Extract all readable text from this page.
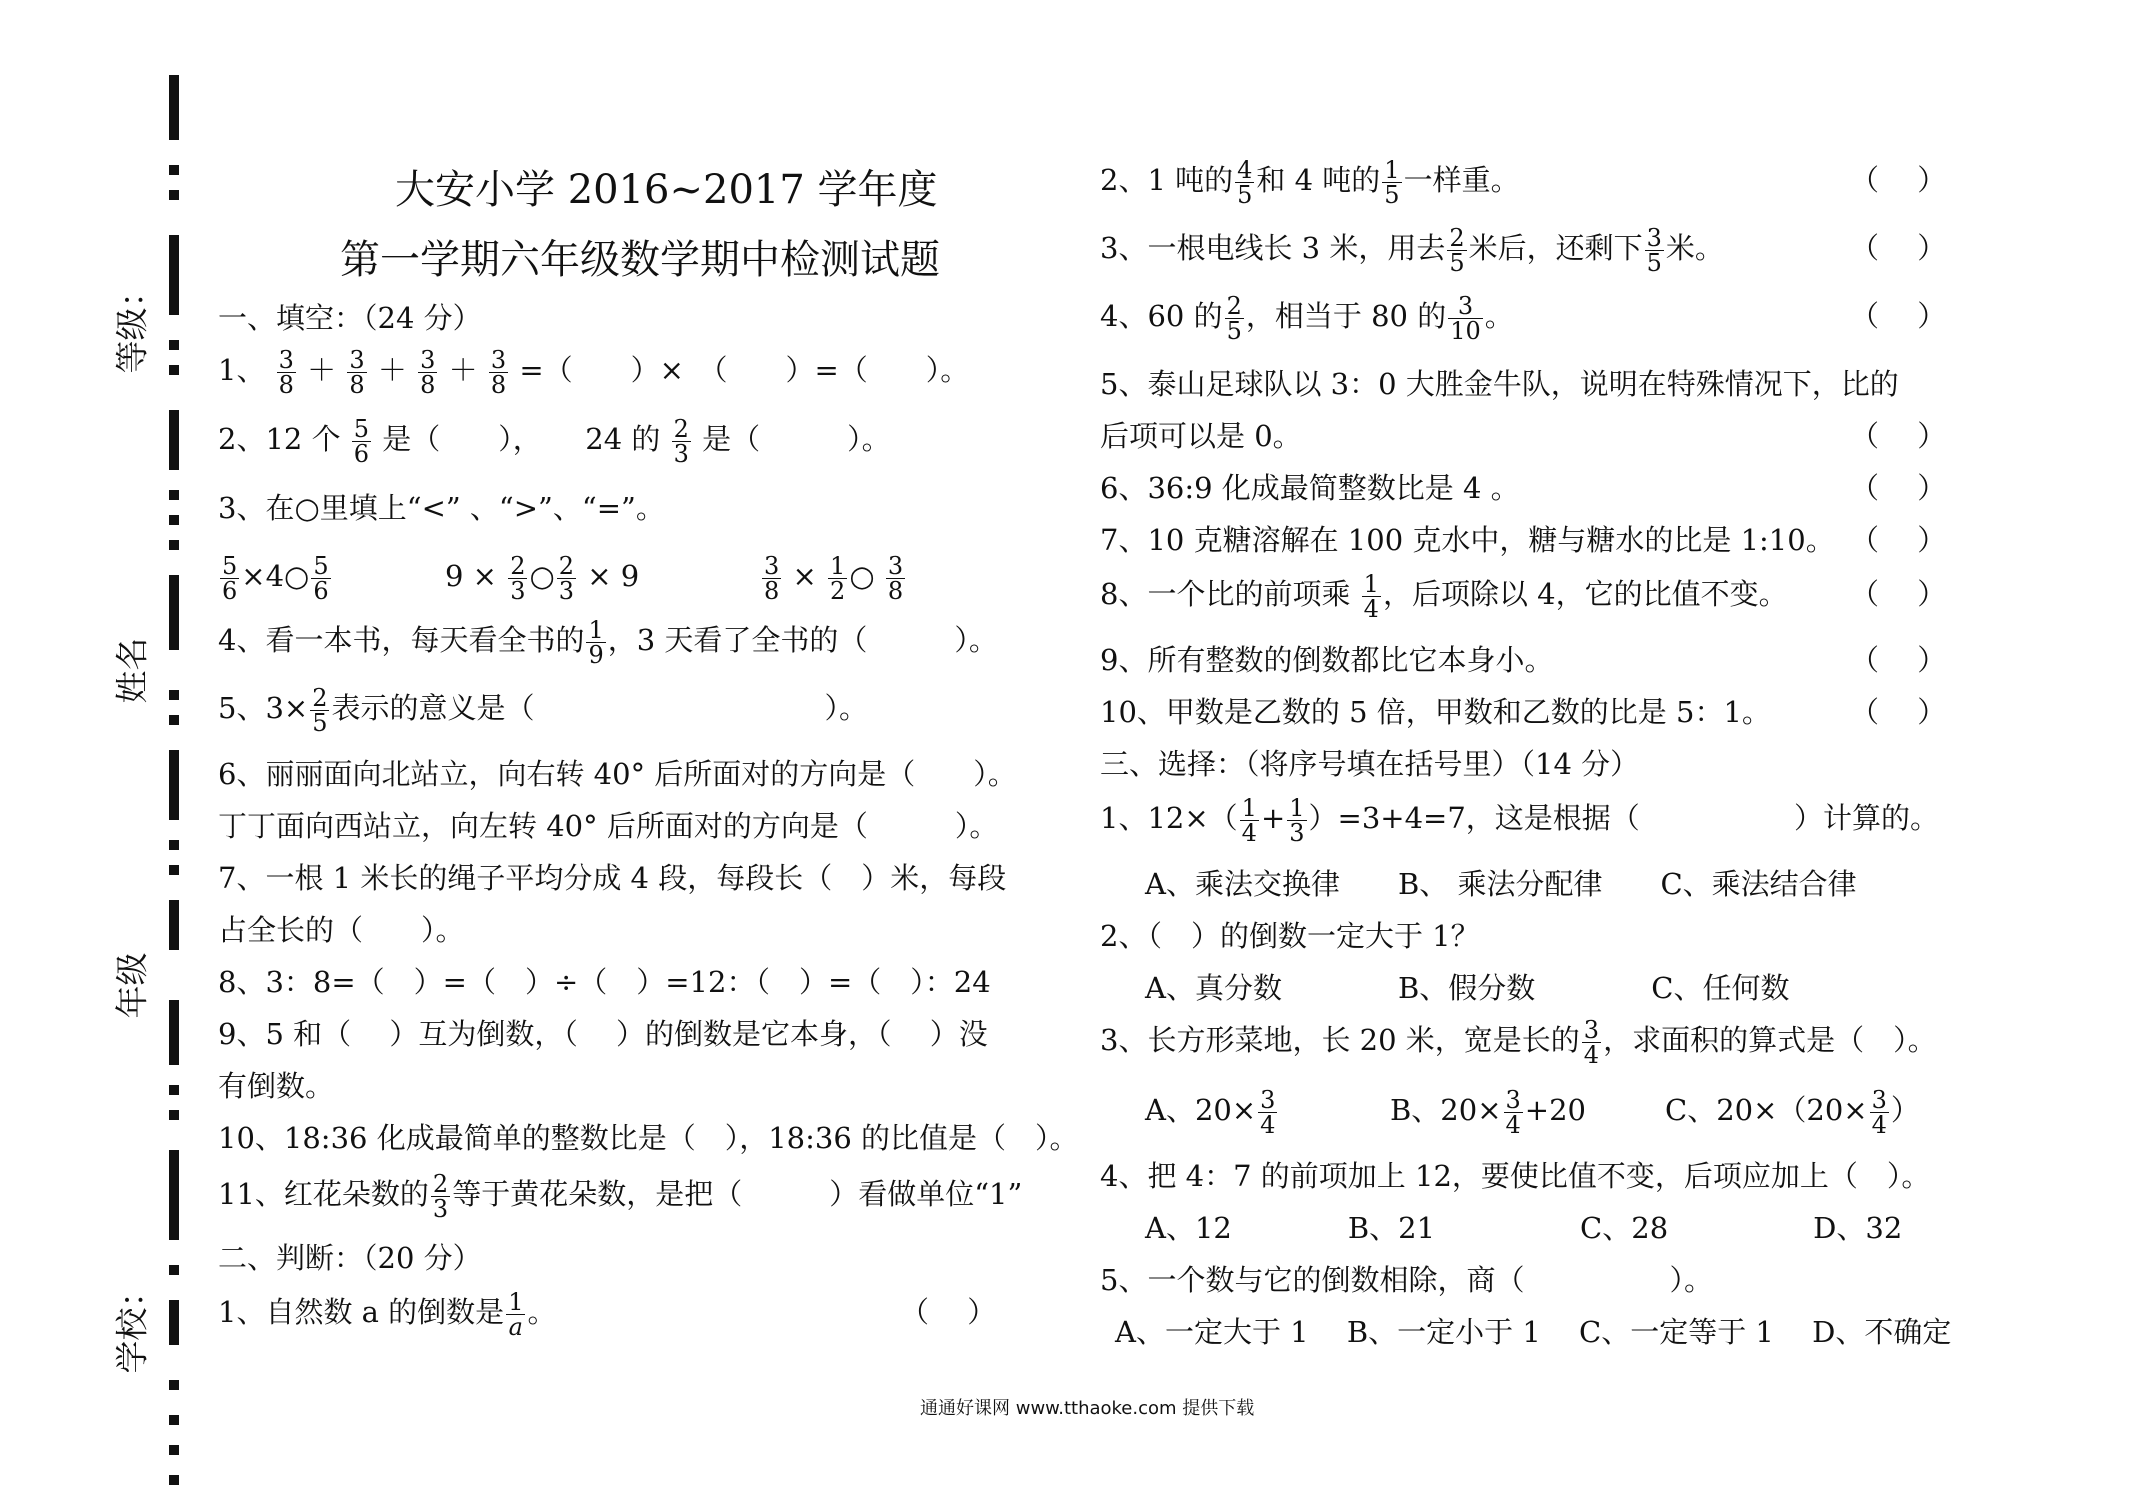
等级：
姓名
年级
学校：
大安小学 2016~2017 学年度
第一学期六年级数学期中检测试题
一、填空：（24 分）
1、 $\frac{3}{8} + \frac{3}{8} + \frac{3}{8} + \frac{3}{8}$ =（　　）×　（　　）=（　　）。
2、12 个 $\frac{5}{6}$ 是（　　），　　24 的 $\frac{2}{3}$ 是（　　　）。
3、在○里填上“<” 、“>”、“=”。
$\frac{5}{6}$ ×4○ $\frac{5}{6}$	$9 \times \frac{2}{3}$ ○ $\frac{2}{3} \times 9$	$\frac{3}{8} \times \frac{1}{2}$ ○ $\frac{3}{8}$
4、看一本书，每天看全书的 $\frac{1}{9}$ ，3 天看了全书的（　　　）。
5、$3\times \frac{2}{5}$ 表示的意义是（　　　　　　　　　　）。
6、丽丽面向北站立，向右转 40° 后所面对的方向是（　　）。
丁丁面向西站立，向左转 40° 后所面对的方向是（　　　）。
7、一根 1 米长的绳子平均分成 4 段，每段长（　）米，每段
占全长的（　　）。
8、3：8=（　）=（　）÷（　）=12：（　）=（　）：24
9、5 和（　 ）互为倒数，（　 ）的倒数是它本身，（　 ）没
有倒数。
10、18:36 化成最简单的整数比是（　），18:36 的比值是（　）。
11、红花朵数的 $\frac{2}{3}$ 等于黄花朵数，是把（　　　）看做单位“1”
二、判断：（20 分）
1、自然数 a 的倒数是 $\frac{1}{a}$ 。	（　 ）
2、1 吨的 $\frac{4}{5}$ 和 4 吨的 $\frac{1}{5}$ 一样重。	（　 ）
3、一根电线长 3 米，用去 $\frac{2}{5}$ 米后，还剩下 $\frac{3}{5}$ 米。	（　 ）
4、60 的 $\frac{2}{5}$ ，相当于 80 的 $\frac{3}{10}$ 。	（　 ）
5、泰山足球队以 3：0 大胜金牛队，说明在特殊情况下，比的
后项可以是 0。	（　 ）
6、36:9 化成最简整数比是 4 。	（　 ）
7、10 克糖溶解在 100 克水中，糖与糖水的比是 1:10。 （　 ）
8、一个比的前项乘 $\frac{1}{4}$ ，后项除以 4，它的比值不变。 （　 ）
9、所有整数的倒数都比它本身小。	（　 ）
10、甲数是乙数的 5 倍，甲数和乙数的比是 5：1。	（　 ）
三、选择：（将序号填在括号里）（14 分）
1、$12\times( \frac{1}{4} + \frac{1}{3} )=3+4=7$，这是根据（　　　　　 ）计算的。
A、乘法交换律　　B、 乘法分配律　　C、乘法结合律
2、（　）的倒数一定大于 1？
A、真分数　　　　B、假分数　　　　C、任何数
3、长方形菜地，长 20 米，宽是长的 $\frac{3}{4}$ ，求面积的算式是（　）。
A、$20\times \frac{3}{4}$	B、$20\times \frac{3}{4} +20$	C、$20\times(20\times \frac{3}{4}$ ）
4、把 4：7 的前项加上 12，要使比值不变，后项应加上（　）。
A、12　　　　B、21　　　　　C、28　　　　　D、32
5、一个数与它的倒数相除，商（　　　　　）。
A、一定大于 1　 B、一定小于 1　 C、一定等于 1　 D、不确定
通通好课网 www.tthaoke.com 提供下载
